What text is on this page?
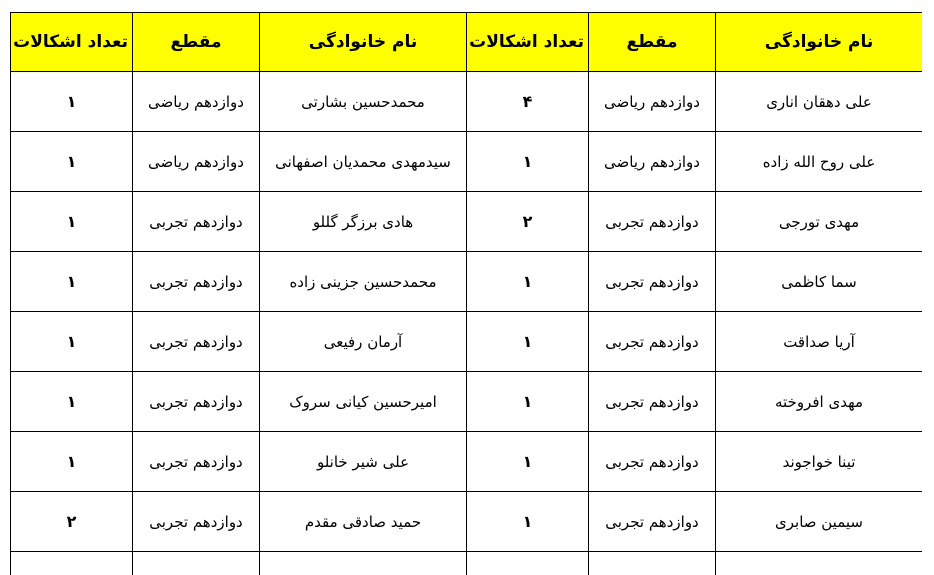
نام خانوادگی	مقطع	تعداد اشکالات	نام خانوادگی	مقطع	تعداد اشکالات
علی دهقان اناری	دوازدهم ریاضی	۴	محمدحسین بشارتی	دوازدهم ریاضی	۱
علی روح الله زاده	دوازدهم ریاضی	۱	سیدمهدی محمدیان اصفهانی	دوازدهم ریاضی	۱
مهدی تورجی	دوازدهم تجربی	۲	هادی برزگر گللو	دوازدهم تجربی	۱
سما کاظمی	دوازدهم تجربی	۱	محمدحسین جزینی زاده	دوازدهم تجربی	۱
آریا صداقت	دوازدهم تجربی	۱	آرمان رفیعی	دوازدهم تجربی	۱
مهدی افروخته	دوازدهم تجربی	۱	امیرحسین کیانی سروک	دوازدهم تجربی	۱
تینا خواجوند	دوازدهم تجربی	۱	علی شیر خانلو	دوازدهم تجربی	۱
سیمین صابری	دوازدهم تجربی	۱	حمید صادقی مقدم	دوازدهم تجربی	۲
